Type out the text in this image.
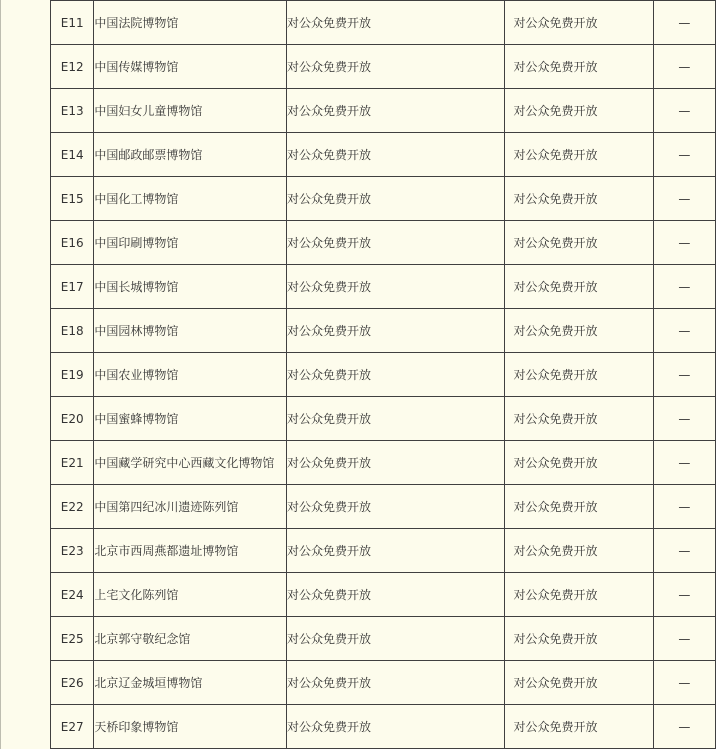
E11	中国法院博物馆	对公众免费开放	对公众免费开放	—
E12	中国传媒博物馆	对公众免费开放	对公众免费开放	—
E13	中国妇女儿童博物馆	对公众免费开放	对公众免费开放	—
E14	中国邮政邮票博物馆	对公众免费开放	对公众免费开放	—
E15	中国化工博物馆	对公众免费开放	对公众免费开放	—
E16	中国印刷博物馆	对公众免费开放	对公众免费开放	—
E17	中国长城博物馆	对公众免费开放	对公众免费开放	—
E18	中国园林博物馆	对公众免费开放	对公众免费开放	—
E19	中国农业博物馆	对公众免费开放	对公众免费开放	—
E20	中国蜜蜂博物馆	对公众免费开放	对公众免费开放	—
E21	中国藏学研究中心西藏文化博物馆	对公众免费开放	对公众免费开放	—
E22	中国第四纪冰川遗迹陈列馆	对公众免费开放	对公众免费开放	—
E23	北京市西周燕都遗址博物馆	对公众免费开放	对公众免费开放	—
E24	上宅文化陈列馆	对公众免费开放	对公众免费开放	—
E25	北京郭守敬纪念馆	对公众免费开放	对公众免费开放	—
E26	北京辽金城垣博物馆	对公众免费开放	对公众免费开放	—
E27	天桥印象博物馆	对公众免费开放	对公众免费开放	—
